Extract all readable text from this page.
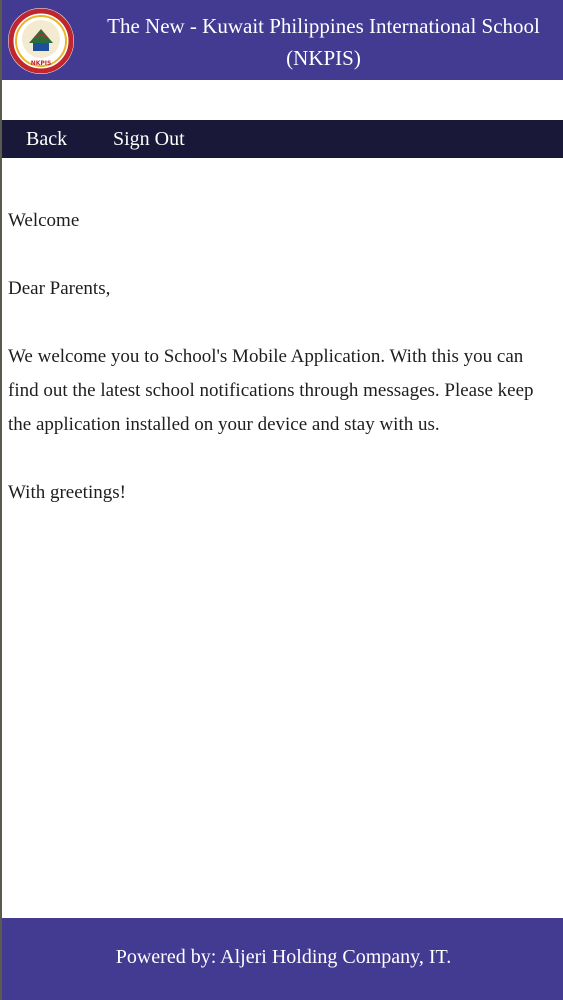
NKPIS
The New - Kuwait Philippines International School (NKPIS)
Back Sign Out

Welcome

Dear Parents,

We welcome you to School's Mobile Application. With this you can find out the latest school notifications through messages. Please keep the application installed on your device and stay with us.

With greetings!

Powered by: Aljeri Holding Company, IT.
